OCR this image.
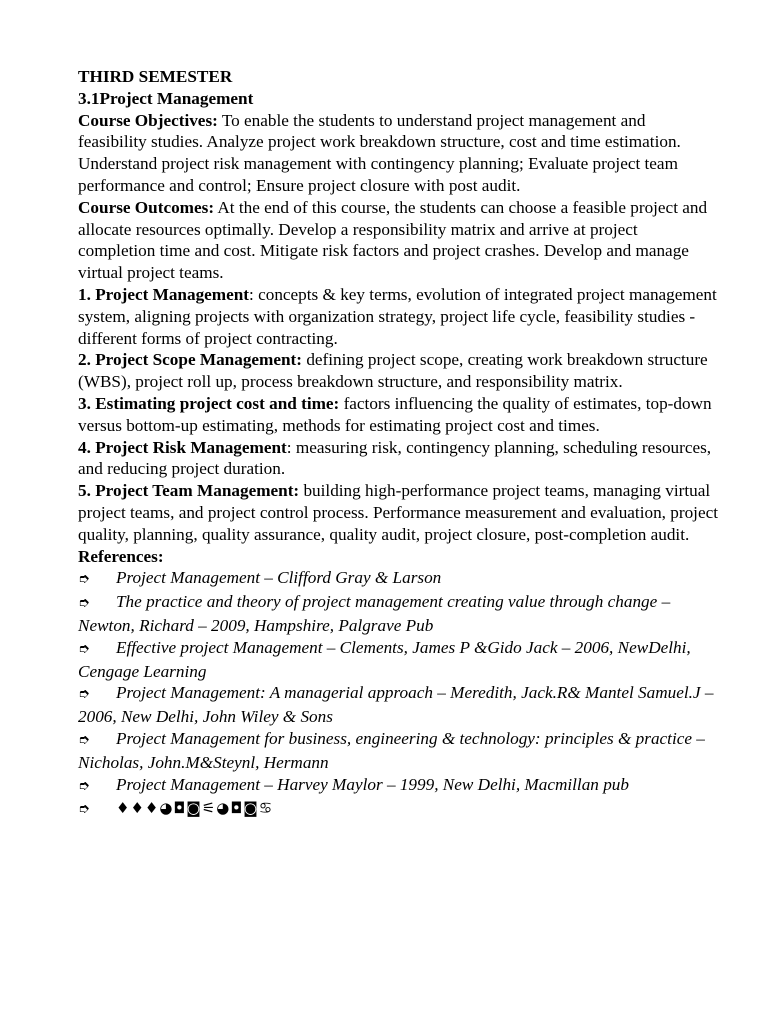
THIRD SEMESTER

3.1Project Management

Course Objectives: To enable the students to understand project management and feasibility studies. Analyze project work breakdown structure, cost and time estimation. Understand project risk management with contingency planning; Evaluate project team performance and control; Ensure project closure with post audit.

Course Outcomes: At the end of this course, the students can choose a feasible project and allocate resources optimally. Develop a responsibility matrix and arrive at project completion time and cost. Mitigate risk factors and project crashes. Develop and manage virtual project teams.

1. Project Management: concepts & key terms, evolution of integrated project management system, aligning projects with organization strategy, project life cycle, feasibility studies -different forms of project contracting.

2. Project Scope Management: defining project scope, creating work breakdown structure (WBS), project roll up, process breakdown structure, and responsibility matrix.

3. Estimating project cost and time: factors influencing the quality of estimates, top-down versus bottom-up estimating, methods for estimating project cost and times.

4. Project Risk Management: measuring risk, contingency planning, scheduling resources, and reducing project duration.

5. Project Team Management: building high-performance project teams, managing virtual project teams, and project control process. Performance measurement and evaluation, project quality, planning, quality assurance, quality audit, project closure, post-completion audit.

References:

➮ Project Management – Clifford Gray & Larson

➮ The practice and theory of project management creating value through change – Newton, Richard – 2009, Hampshire, Palgrave Pub

➮ Effective project Management – Clements, James P &Gido Jack – 2006, NewDelhi, Cengage Learning

➮ Project Management: A managerial approach – Meredith, Jack.R& Mantel Samuel.J – 2006, New Delhi, John Wiley & Sons

➮ Project Management for business, engineering & technology: principles & practice – Nicholas, John.M&Steynl, Hermann

➮ Project Management – Harvey Maylor – 1999, New Delhi, Macmillan pub

➮ ♦♦♦◕◘◙⚟◕◘◙♋
